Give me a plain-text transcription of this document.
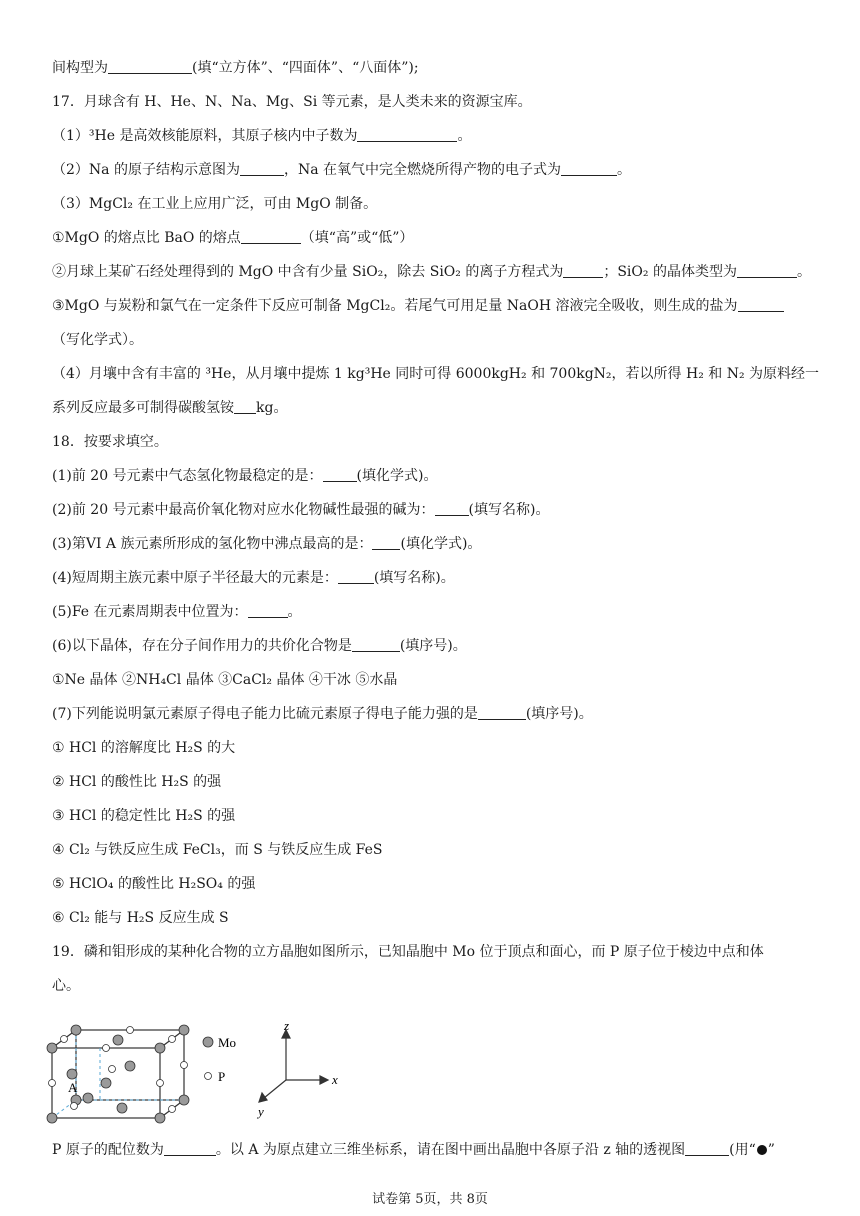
间构型为	(填“立方体”、“四面体”、“八面体”);
17．月球含有 H、He、N、Na、Mg、Si 等元素，是人类未来的资源宝库。
（1）³He 是高效核能原料，其原子核内中子数为	。
（2）Na 的原子结构示意图为	，Na 在氧气中完全燃烧所得产物的电子式为	。
（3）MgCl₂ 在工业上应用广泛，可由 MgO 制备。
①MgO 的熔点比 BaO 的熔点	（填“高”或“低”）
②月球上某矿石经处理得到的 MgO 中含有少量 SiO₂，除去 SiO₂ 的离子方程式为	；SiO₂ 的晶体类型为	。
③MgO 与炭粉和氯气在一定条件下反应可制备 MgCl₂。若尾气可用足量 NaOH 溶液完全吸收，则生成的盐为
（写化学式）。
（4）月壤中含有丰富的 ³He，从月壤中提炼 1 kg³He 同时可得 6000kgH₂ 和 700kgN₂，若以所得 H₂ 和 N₂ 为原料经一
系列反应最多可制得碳酸氢铵 kg。
18．按要求填空。
(1)前 20 号元素中气态氢化物最稳定的是： (填化学式)。
(2)前 20 号元素中最高价氧化物对应水化物碱性最强的碱为： (填写名称)。
(3)第VI A 族元素所形成的氢化物中沸点最高的是： (填化学式)。
(4)短周期主族元素中原子半径最大的元素是：	(填写名称)。
(5)Fe 在元素周期表中位置为：	。
(6)以下晶体，存在分子间作用力的共价化合物是	(填序号)。
①Ne 晶体 ②NH₄Cl 晶体 ③CaCl₂ 晶体 ④干冰 ⑤水晶
(7)下列能说明氯元素原子得电子能力比硫元素原子得电子能力强的是	(填序号)。
① HCl 的溶解度比 H₂S 的大
② HCl 的酸性比 H₂S 的强
③ HCl 的稳定性比 H₂S 的强
④ Cl₂ 与铁反应生成 FeCl₃，而 S 与铁反应生成 FeS
⑤ HClO₄ 的酸性比 H₂SO₄ 的强
⑥ Cl₂ 能与 H₂S 反应生成 S
19．磷和钼形成的某种化合物的立方晶胞如图所示，已知晶胞中 Mo 位于顶点和面心，而 P 原子位于棱边中点和体
心。
A
Mo
P
z
x
y
P 原子的配位数为	。以 A 为原点建立三维坐标系，请在图中画出晶胞中各原子沿 z 轴的透视图	(用“ ”
试卷第 5页，共 8页
